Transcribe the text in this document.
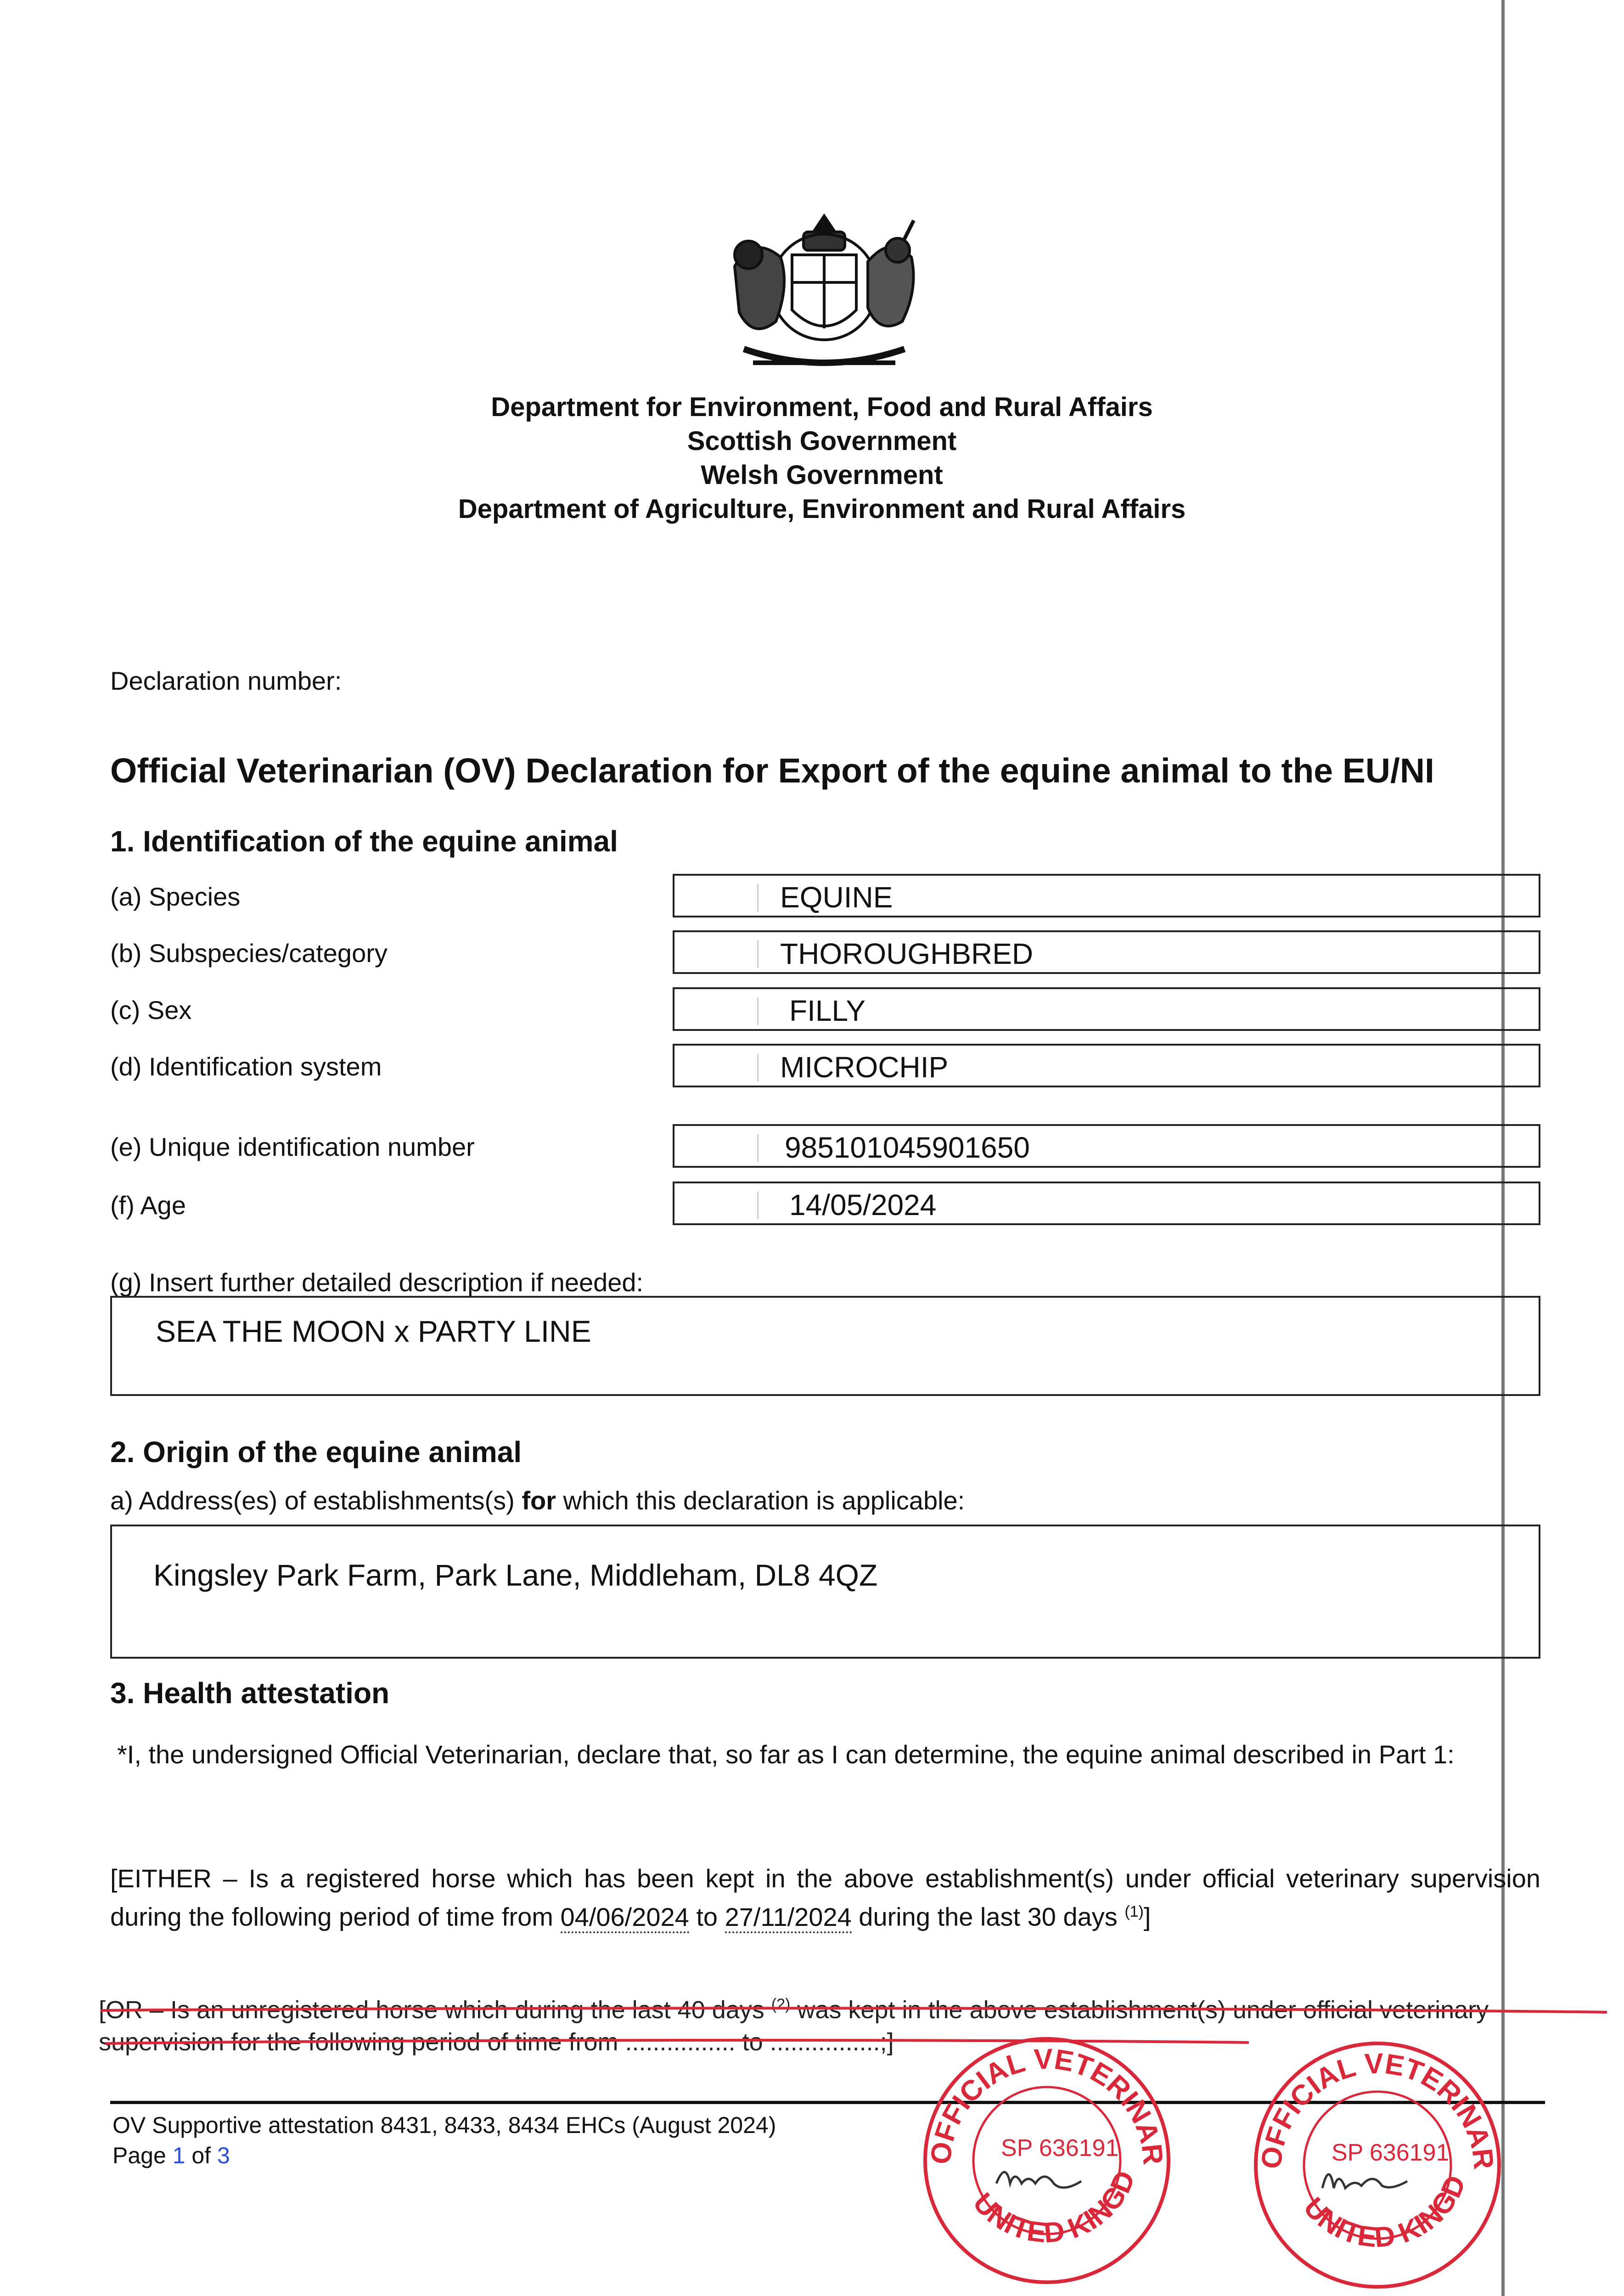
Department for Environment, Food and Rural Affairs
Scottish Government
Welsh Government
Department of Agriculture, Environment and Rural Affairs
Declaration number:
Official Veterinarian (OV) Declaration for Export of the equine animal to the EU/NI
1. Identification of the equine animal
(a) Species	EQUINE
(b) Subspecies/category	THOROUGHBRED
(c) Sex	FILLY
(d) Identification system	MICROCHIP
(e) Unique identification number	985101045901650
(f) Age	14/05/2024
(g) Insert further detailed description if needed:
SEA THE MOON x PARTY LINE
2. Origin of the equine animal
a) Address(es) of establishments(s) for which this declaration is applicable:
Kingsley Park Farm, Park Lane, Middleham, DL8 4QZ
3. Health attestation
*I, the undersigned Official Veterinarian, declare that, so far as I can determine, the equine animal described in Part 1:
[EITHER – Is a registered horse which has been kept in the above establishment(s) under official veterinary supervision during the following period of time from 04/06/2024 to 27/11/2024 during the last 30 days $^{(1)}$]
[OR – Is an unregistered horse which during the last 40 days $^{(2)}$ was kept in the above establishment(s) under official veterinary supervision for the following period of time from ................ to ................;]
OV Supportive attestation 8431, 8433, 8434 EHCs (August 2024)
Page 1 of 3	OFFICIAL VETERINAR
UNITED KINGD
SP 636191	OFFICIAL VETERINAR
UNITED KINGD
SP 636191
